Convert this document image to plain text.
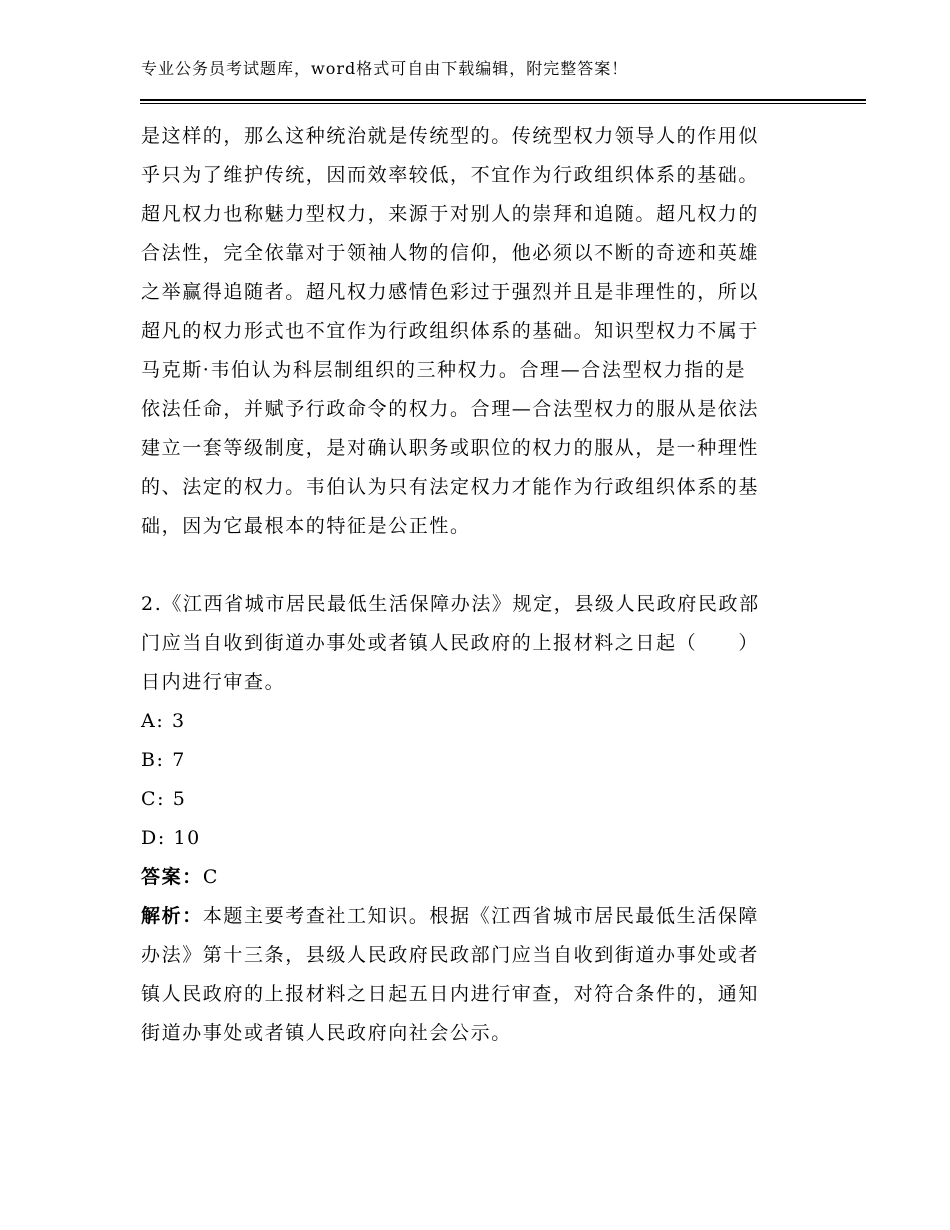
专业公务员考试题库，word格式可自由下载编辑，附完整答案！
是这样的，那么这种统治就是传统型的。传统型权力领导人的作用似
乎只为了维护传统，因而效率较低，不宜作为行政组织体系的基础。
超凡权力也称魅力型权力，来源于对别人的崇拜和追随。超凡权力的
合法性，完全依靠对于领袖人物的信仰，他必须以不断的奇迹和英雄
之举赢得追随者。超凡权力感情色彩过于强烈并且是非理性的，所以
超凡的权力形式也不宜作为行政组织体系的基础。知识型权力不属于
马克斯·韦伯认为科层制组织的三种权力。合理—合法型权力指的是
依法任命，并赋予行政命令的权力。合理—合法型权力的服从是依法
建立一套等级制度，是对确认职务或职位的权力的服从，是一种理性
的、法定的权力。韦伯认为只有法定权力才能作为行政组织体系的基
础，因为它最根本的特征是公正性。
2.《江西省城市居民最低生活保障办法》规定，县级人民政府民政部
门应当自收到街道办事处或者镇人民政府的上报材料之日起（　　）
日内进行审查。
A: 3
B: 7
C: 5
D: 10
答案：C
解析：本题主要考查社工知识。根据《江西省城市居民最低生活保障
办法》第十三条，县级人民政府民政部门应当自收到街道办事处或者
镇人民政府的上报材料之日起五日内进行审查，对符合条件的，通知
街道办事处或者镇人民政府向社会公示。
